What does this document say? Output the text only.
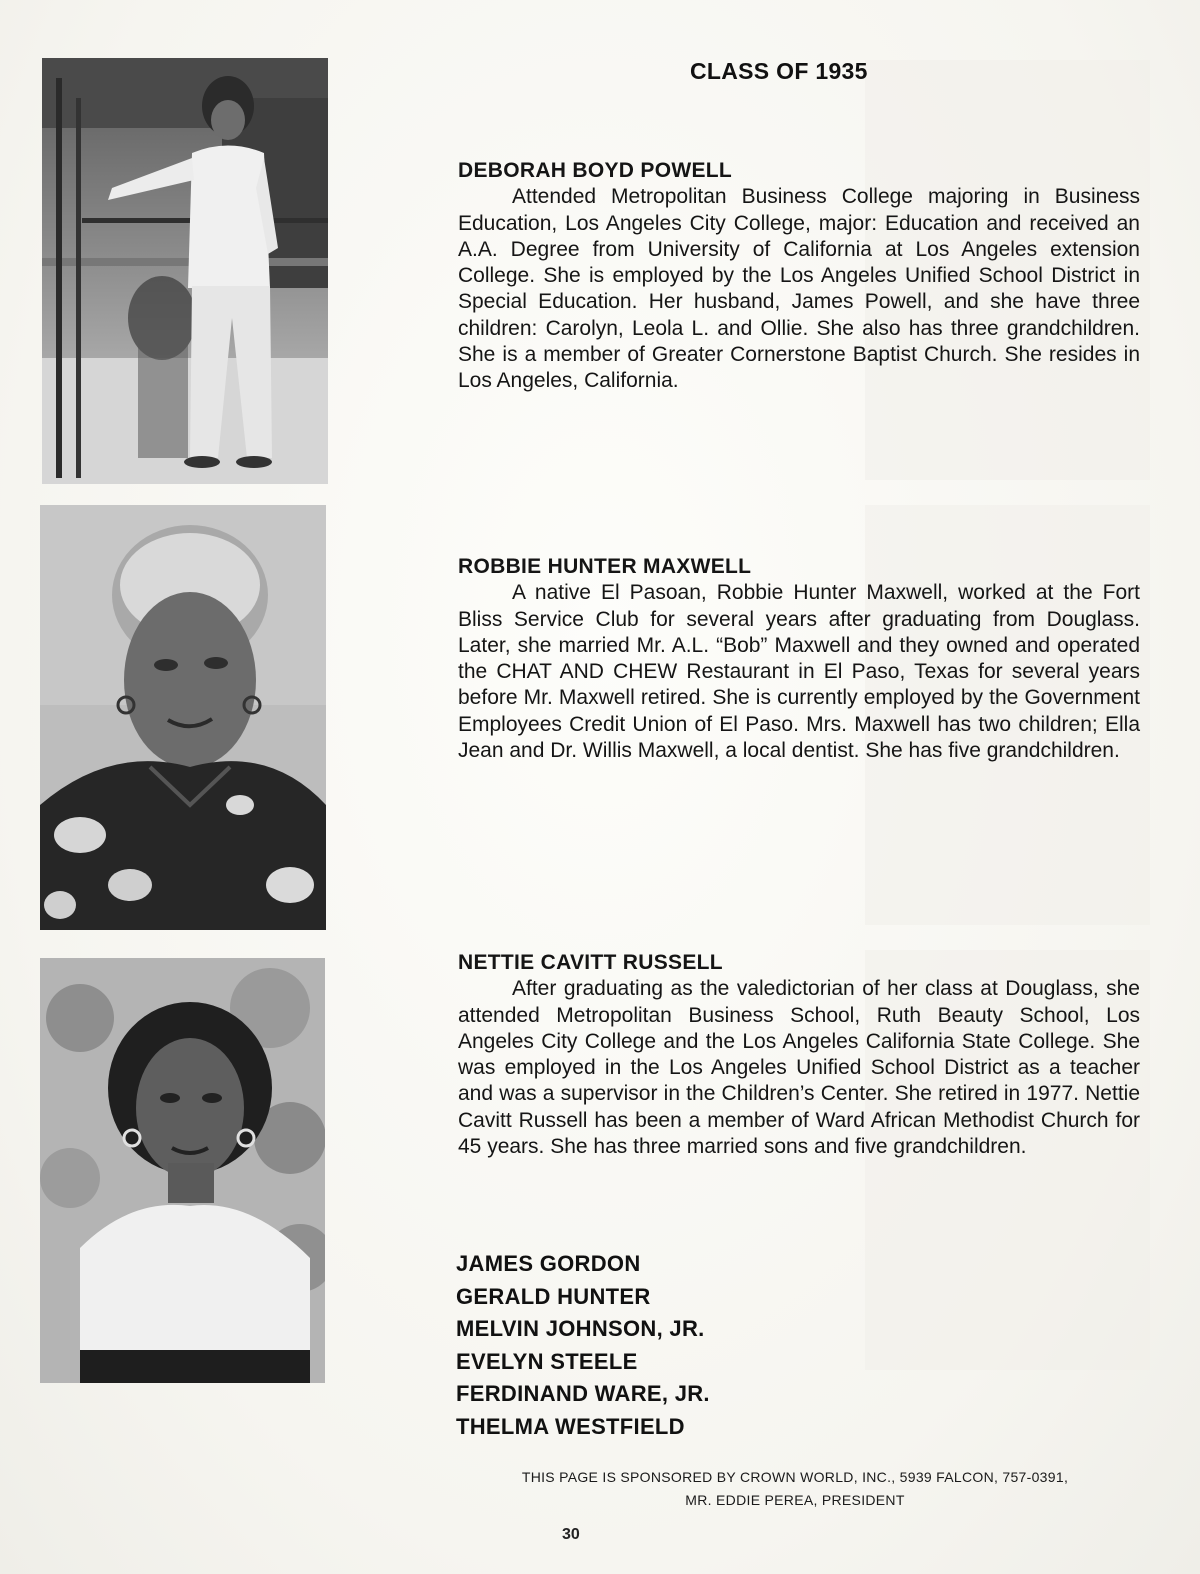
CLASS OF 1935

DEBORAH BOYD POWELL

Attended Metropolitan Business College majoring in Business Education, Los Angeles City College, major: Education and received an A.A. Degree from University of California at Los Angeles extension College. She is employed by the Los Angeles Unified School District in Special Education. Her husband, James Powell, and she have three children: Carolyn, Leola L. and Ollie. She also has three grandchildren. She is a member of Greater Cornerstone Baptist Church. She resides in Los Angeles, California.

ROBBIE HUNTER MAXWELL

A native El Pasoan, Robbie Hunter Maxwell, worked at the Fort Bliss Service Club for several years after graduating from Douglass. Later, she married Mr. A.L. “Bob” Maxwell and they owned and operated the CHAT AND CHEW Restaurant in El Paso, Texas for several years before Mr. Maxwell retired. She is currently employed by the Government Employees Credit Union of El Paso. Mrs. Maxwell has two children; Ella Jean and Dr. Willis Maxwell, a local dentist. She has five grandchildren.

NETTIE CAVITT RUSSELL

After graduating as the valedictorian of her class at Douglass, she attended Metropolitan Business School, Ruth Beauty School, Los Angeles City College and the Los Angeles California State College. She was employed in the Los Angeles Unified School District as a teacher and was a supervisor in the Children’s Center. She retired in 1977. Nettie Cavitt Russell has been a member of Ward African Methodist Church for 45 years. She has three married sons and five grandchildren.

JAMES GORDON
GERALD HUNTER
MELVIN JOHNSON, JR.
EVELYN STEELE
FERDINAND WARE, JR.
THELMA WESTFIELD
THIS PAGE IS SPONSORED BY CROWN WORLD, INC., 5939 FALCON, 757-0391,
MR. EDDIE PEREA, PRESIDENT
30
